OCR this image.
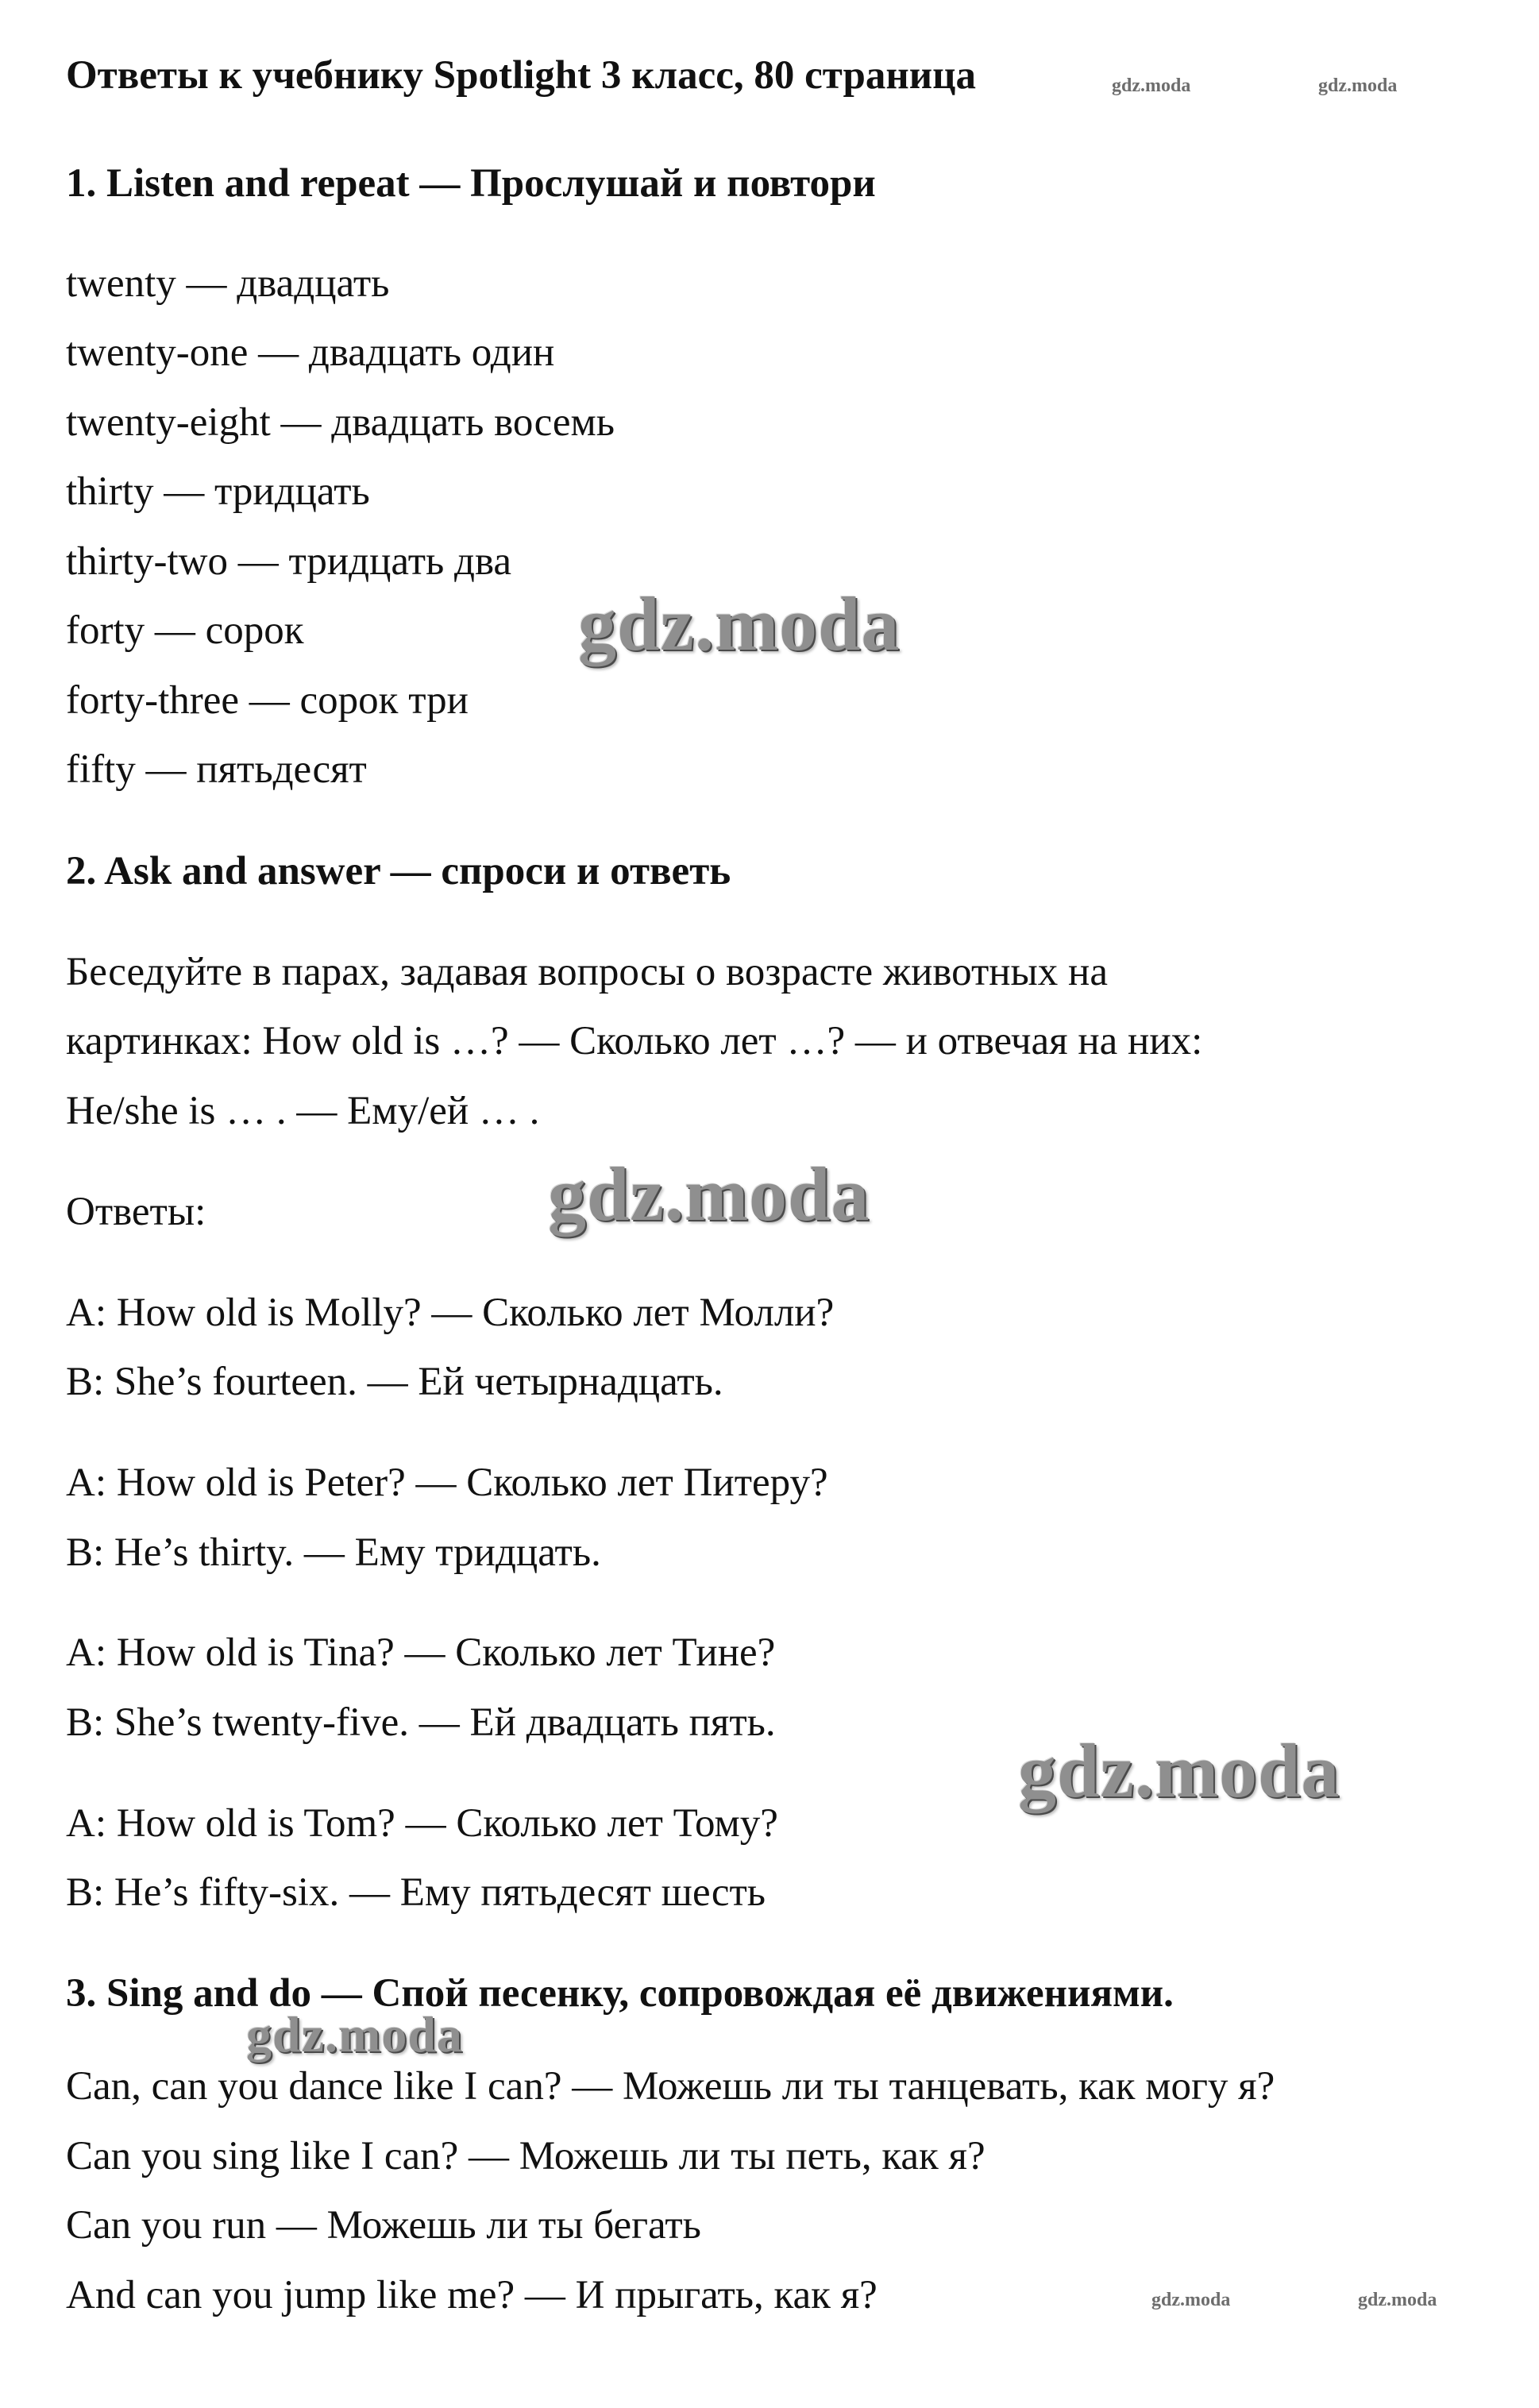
Ответы к учебнику Spotlight 3 класс, 80 страница
1. Listen and repeat — Прослушай и повтори
twenty — двадцать
twenty-one — двадцать один
twenty-eight — двадцать восемь
thirty — тридцать
thirty-two — тридцать два
forty — сорок
forty-three — сорок три
fifty — пятьдесят
2. Ask and answer — спроси и ответь
Беседуйте в парах, задавая вопросы о возрасте животных на
картинках: How old is …? — Сколько лет …? — и отвечая на них:
He/she is … . — Ему/ей … .
Ответы:
A: How old is Molly? — Сколько лет Молли?
B: She’s fourteen. — Ей четырнадцать.
A: How old is Peter? — Сколько лет Питеру?
B: He’s thirty. — Ему тридцать.
A: How old is Tina? — Сколько лет Тине?
B: She’s twenty-five. — Ей двадцать пять.
A: How old is Tom? — Сколько лет Тому?
B: He’s fifty-six. — Ему пятьдесят шесть
3. Sing and do — Спой песенку, сопровождая её движениями.
Can, can you dance like I can? — Можешь ли ты танцевать, как могу я?
Can you sing like I can? — Можешь ли ты петь, как я?
Can you run — Можешь ли ты бегать
And can you jump like me? — И прыгать, как я?
gdz.moda	gdz.moda
gdz.moda
gdz.moda
gdz.moda
gdz.moda
gdz.moda	gdz.moda
